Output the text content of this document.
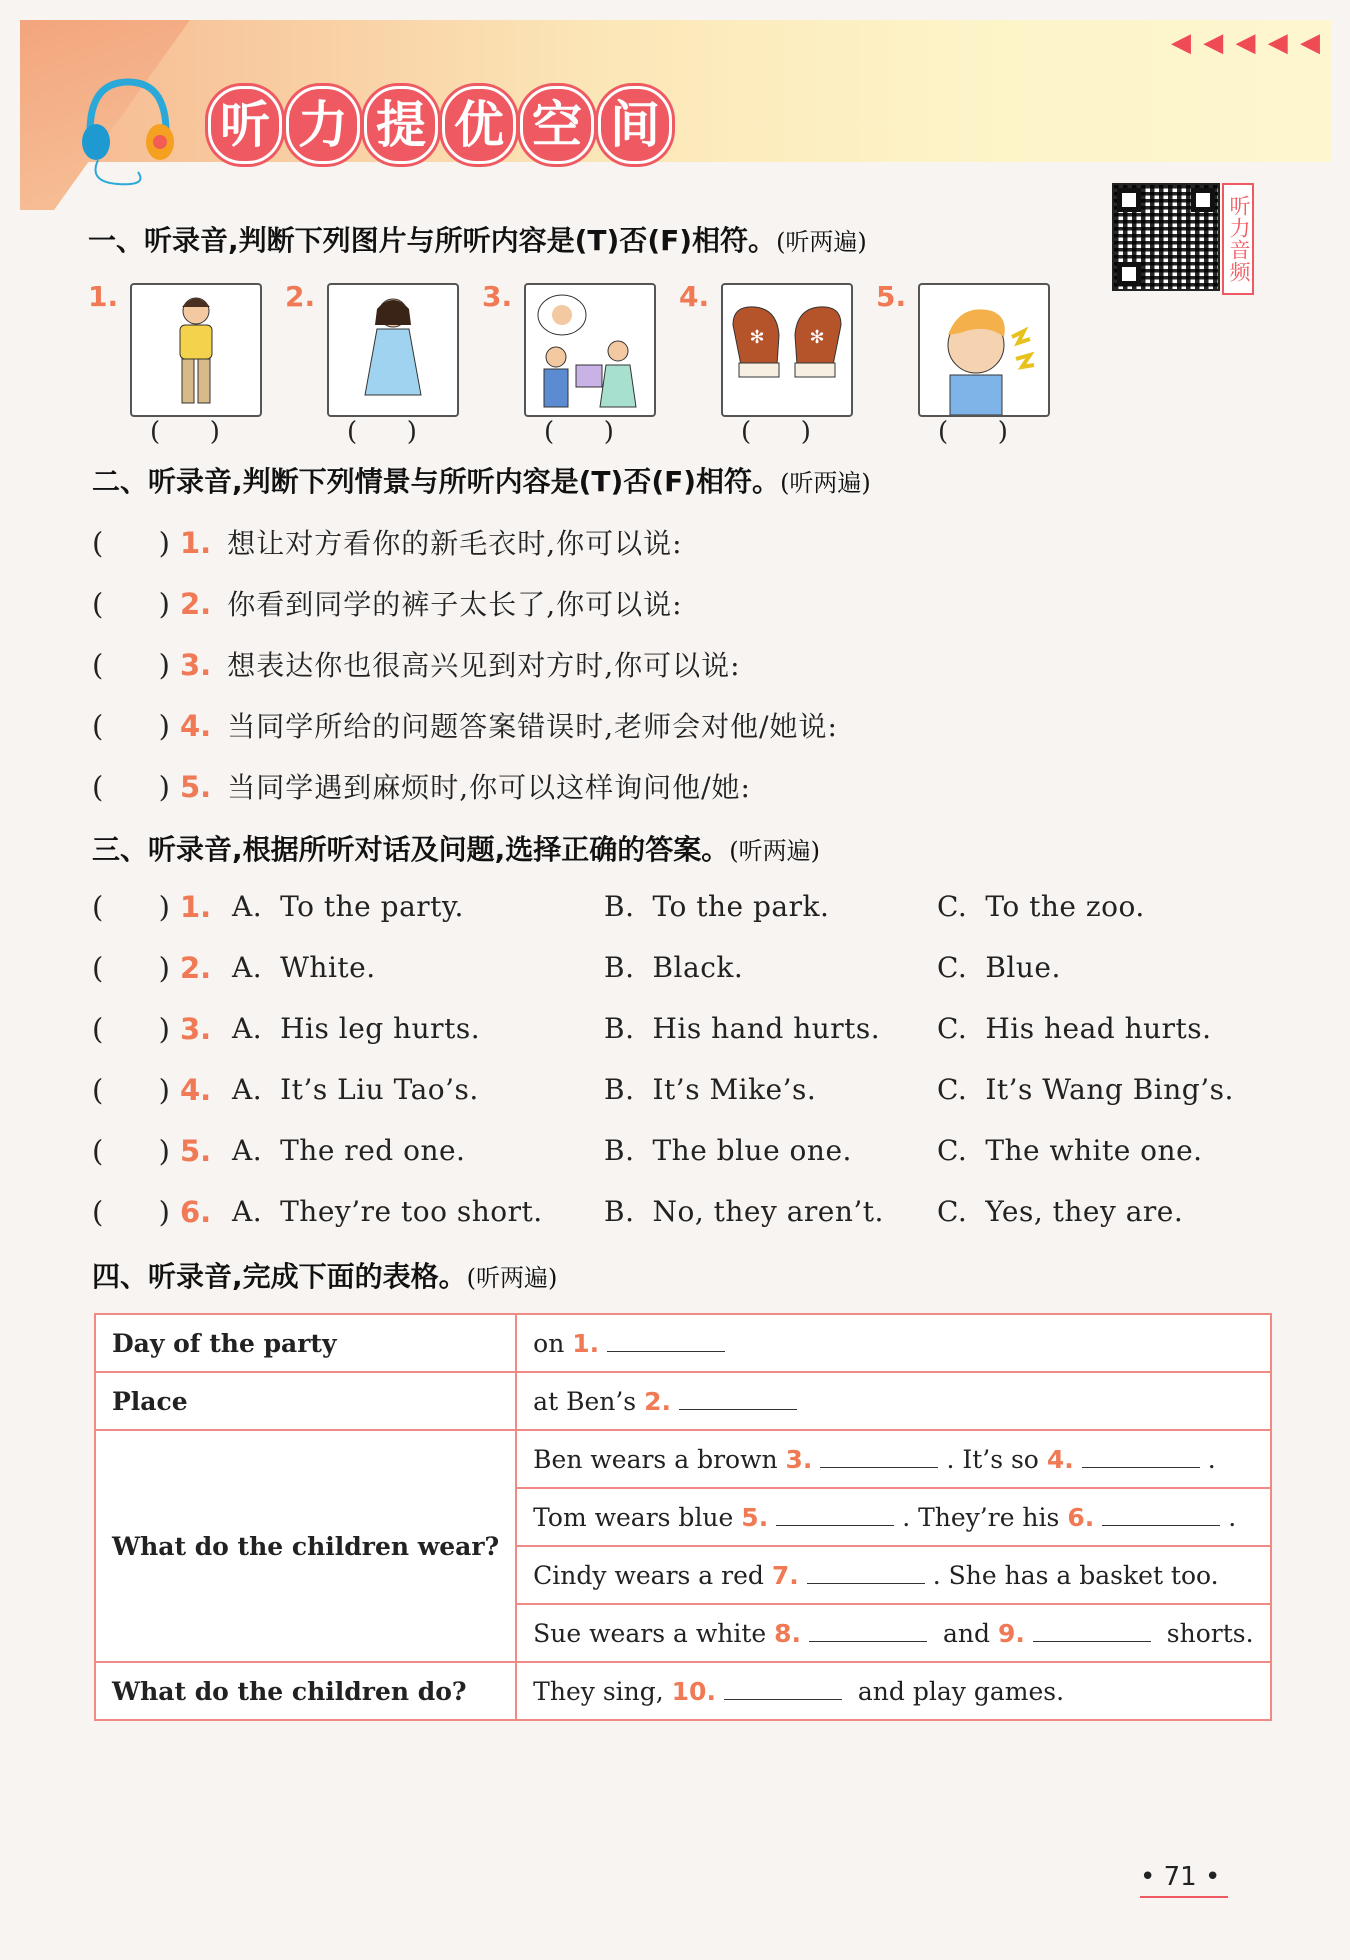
听 力 提 优 空 间
◀ ◀ ◀ ◀ ◀
听力音频
一、听录音,判断下列图片与所听内容是(T)否(F)相符。(听两遍)
1.
(      )
2.
(      )
3.
(      )
4.
✻ ✻
(      )
5.
(      )
二、听录音,判断下列情景与所听内容是(T)否(F)相符。(听两遍)
(      ) 1. 想让对方看你的新毛衣时,你可以说:
(      ) 2. 你看到同学的裤子太长了,你可以说:
(      ) 3. 想表达你也很高兴见到对方时,你可以说:
(      ) 4. 当同学所给的问题答案错误时,老师会对他/她说:
(      ) 5. 当同学遇到麻烦时,你可以这样询问他/她:
三、听录音,根据所听对话及问题,选择正确的答案。(听两遍)
(      ) 1. A. To the party.	B. To the park.	C. To the zoo.
(      ) 2. A. White.	B. Black.	C. Blue.
(      ) 3. A. His leg hurts.	B. His hand hurts. C. His head hurts.
(      ) 4. A. It’s Liu Tao’s.	B. It’s Mike’s.	C. It’s Wang Bing’s.
(      ) 5. A. The red one.	B. The blue one.	C. The white one.
(      ) 6. A. They’re too short. B. No, they aren’t. C. Yes, they are.
四、听录音,完成下面的表格。(听两遍)
Day of the party	on 1.
Place	at Ben’s 2.
What do the children wear?	Ben wears a brown 3. . It’s so 4. .
	Tom wears blue 5. . They’re his 6. .
	Cindy wears a red 7. . She has a basket too.
	Sue wears a white 8. and 9. shorts.
What do the children do?	They sing, 10. and play games.
• 71 •
